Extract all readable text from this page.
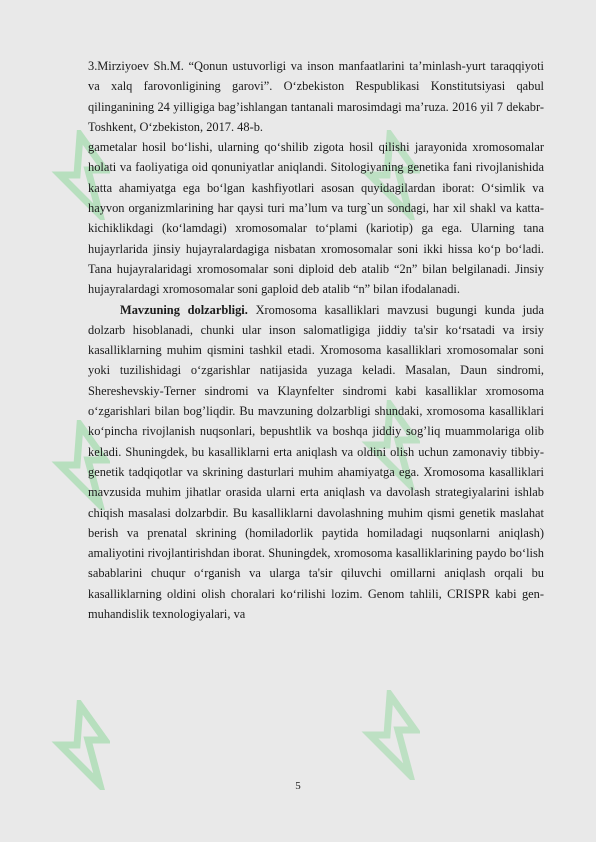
3.Mirziyoev Sh.M. “Qonun ustuvorligi va inson manfaatlarini ta’minlash-yurt taraqqiyoti va xalq farovonligining garovi”. O‘zbekiston Respublikasi Konstitutsiyasi qabul qilinganining 24 yilligiga bag’ishlangan tantanali marosimdagi ma’ruza. 2016 yil 7 dekabr- Toshkent, O‘zbekiston, 2017. 48-b.

gametalar hosil bo‘lishi, ularning qo‘shilib zigota hosil qilishi jarayonida xromosomalar holati va faoliyatiga oid qonuniyatlar aniqlandi. Sitologiyaning genetika fani rivojlanishida katta ahamiyatga ega bo‘lgan kashfiyotlari asosan quyidagilardan iborat: O‘simlik va hayvon organizmlarining har qaysi turi ma’lum va turg`un sondagi, har xil shakl va katta-kichiklikdagi (ko‘lamdagi) xromosomalar to‘plami (kariotip) ga ega. Ularning tana hujayrlarida jinsiy hujayralardagiga nisbatan xromosomalar soni ikki hissa ko‘p bo‘ladi. Tana hujayralaridagi xromosomalar soni diploid deb atalib “2n” bilan belgilanadi. Jinsiy hujayralardagi xromosomalar soni gaploid deb atalib “n” bilan ifodalanadi.

Mavzuning dolzarbligi. Xromosoma kasalliklari mavzusi bugungi kunda juda dolzarb hisoblanadi, chunki ular inson salomatligiga jiddiy ta'sir ko‘rsatadi va irsiy kasalliklarning muhim qismini tashkil etadi. Xromosoma kasalliklari xromosomalar soni yoki tuzilishidagi o‘zgarishlar natijasida yuzaga keladi. Masalan, Daun sindromi, Shereshevskiy-Terner sindromi va Klaynfelter sindromi kabi kasalliklar xromosoma o‘zgarishlari bilan bog’liqdir. Bu mavzuning dolzarbligi shundaki, xromosoma kasalliklari ko‘pincha rivojlanish nuqsonlari, bepushtlik va boshqa jiddiy sog’liq muammolariga olib keladi. Shuningdek, bu kasalliklarni erta aniqlash va oldini olish uchun zamonaviy tibbiy-genetik tadqiqotlar va skrining dasturlari muhim ahamiyatga ega. Xromosoma kasalliklari mavzusida muhim jihatlar orasida ularni erta aniqlash va davolash strategiyalarini ishlab chiqish masalasi dolzarbdir. Bu kasalliklarni davolashning muhim qismi genetik maslahat berish va prenatal skrining (homiladorlik paytida homiladagi nuqsonlarni aniqlash) amaliyotini rivojlantirishdan iborat. Shuningdek, xromosoma kasalliklarining paydo bo‘lish sabablarini chuqur o‘rganish va ularga ta'sir qiluvchi omillarni aniqlash orqali bu kasalliklarning oldini olish choralari ko‘rilishi lozim. Genom tahlili, CRISPR kabi gen-muhandislik texnologiyalari, va

5
